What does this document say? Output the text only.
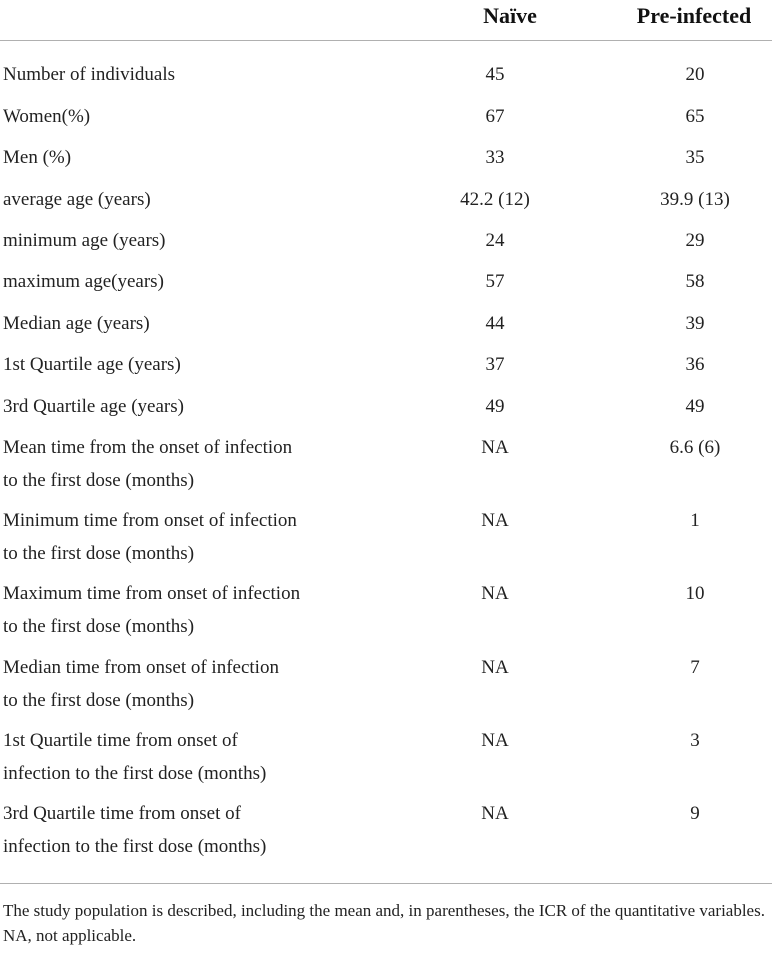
Naïve	Pre-infected
Number of individuals	45	20
Women(%)	67	65
Men (%)	33	35
average age (years)	42.2 (12)	39.9 (13)
minimum age (years)	24	29
maximum age(years)	57	58
Median age (years)	44	39
1st Quartile age (years)	37	36
3rd Quartile age (years)	49	49
Mean time from the onset of infection
to the first dose (months)
NA	6.6 (6)
Minimum time from onset of infection
to the first dose (months)
NA	1
Maximum time from onset of infection
to the first dose (months)
NA	10
Median time from onset of infection
to the first dose (months)
NA	7
1st Quartile time from onset of
infection to the first dose (months)
NA	3
3rd Quartile time from onset of
infection to the first dose (months)
NA	9

The study population is described, including the mean and, in parentheses, the ICR of the quantitative variables.

NA, not applicable.
